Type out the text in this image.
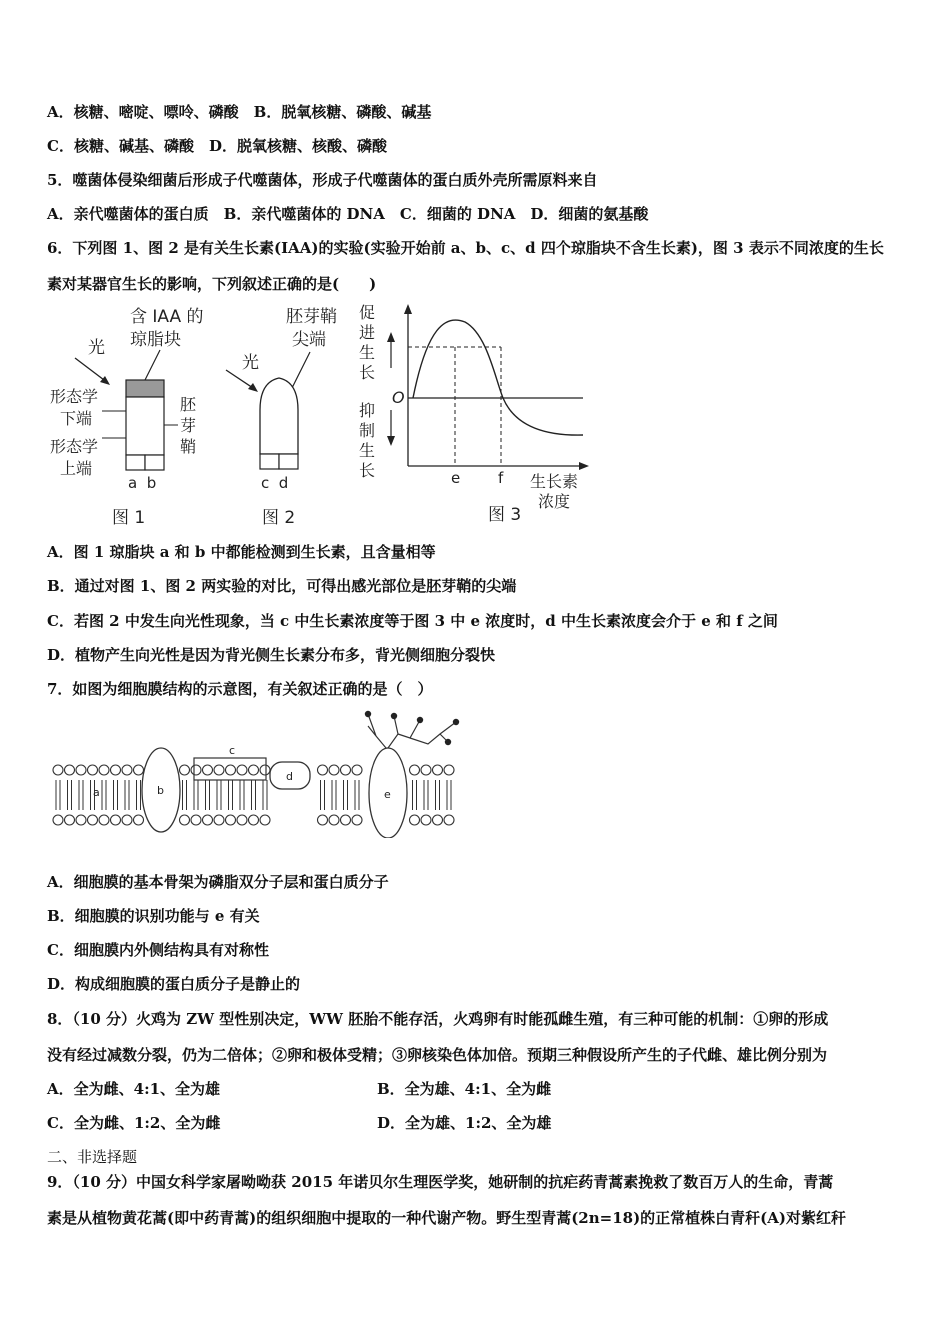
A．核糖、嘧啶、嘌呤、磷酸　B．脱氧核糖、磷酸、碱基
C．核糖、碱基、磷酸　D．脱氧核糖、核酸、磷酸
5．噬菌体侵染细菌后形成子代噬菌体，形成子代噬菌体的蛋白质外壳所需原料来自
A．亲代噬菌体的蛋白质　B．亲代噬菌体的 DNA　C．细菌的 DNA　D．细菌的氨基酸
6．下列图 1、图 2 是有关生长素(IAA)的实验(实验开始前 a、b、c、d 四个琼脂块不含生长素)，图 3 表示不同浓度的生长
素对某器官生长的影响，下列叙述正确的是(　　)
含 IAA 的
琼脂块
光
形态学
下端
形态学
上端
胚
芽
鞘
a  b
图 1
胚芽鞘
尖端
光
c  d
图 2
促
进
生
长
抑
制
生
长
O
e	f 生长素
浓度
图 3
A．图 1 琼脂块 a 和 b 中都能检测到生长素，且含量相等
B．通过对图 1、图 2 两实验的对比，可得出感光部位是胚芽鞘的尖端
C．若图 2 中发生向光性现象，当 c 中生长素浓度等于图 3 中 e 浓度时，d 中生长素浓度会介于 e 和 f 之间
D．植物产生向光性是因为背光侧生长素分布多，背光侧细胞分裂快
7．如图为细胞膜结构的示意图，有关叙述正确的是（　）
a	b
c
d
e
A．细胞膜的基本骨架为磷脂双分子层和蛋白质分子
B．细胞膜的识别功能与 e 有关
C．细胞膜内外侧结构具有对称性
D．构成细胞膜的蛋白质分子是静止的
8．（10 分）火鸡为 ZW 型性别决定，WW 胚胎不能存活，火鸡卵有时能孤雌生殖，有三种可能的机制：①卵的形成
没有经过减数分裂，仍为二倍体；②卵和极体受精；③卵核染色体加倍。预期三种假设所产生的子代雌、雄比例分别为
A．全为雌、4:1、全为雄	B．全为雄、4:1、全为雌
C．全为雌、1:2、全为雌	D．全为雄、1:2、全为雄
二、非选择题
9．（10 分）中国女科学家屠呦呦获 2015 年诺贝尔生理医学奖，她研制的抗疟药青蒿素挽救了数百万人的生命，青蒿
素是从植物黄花蒿(即中药青蒿)的组织细胞中提取的一种代谢产物。野生型青蒿(2n=18)的正常植株白青秆(A)对紫红秆
